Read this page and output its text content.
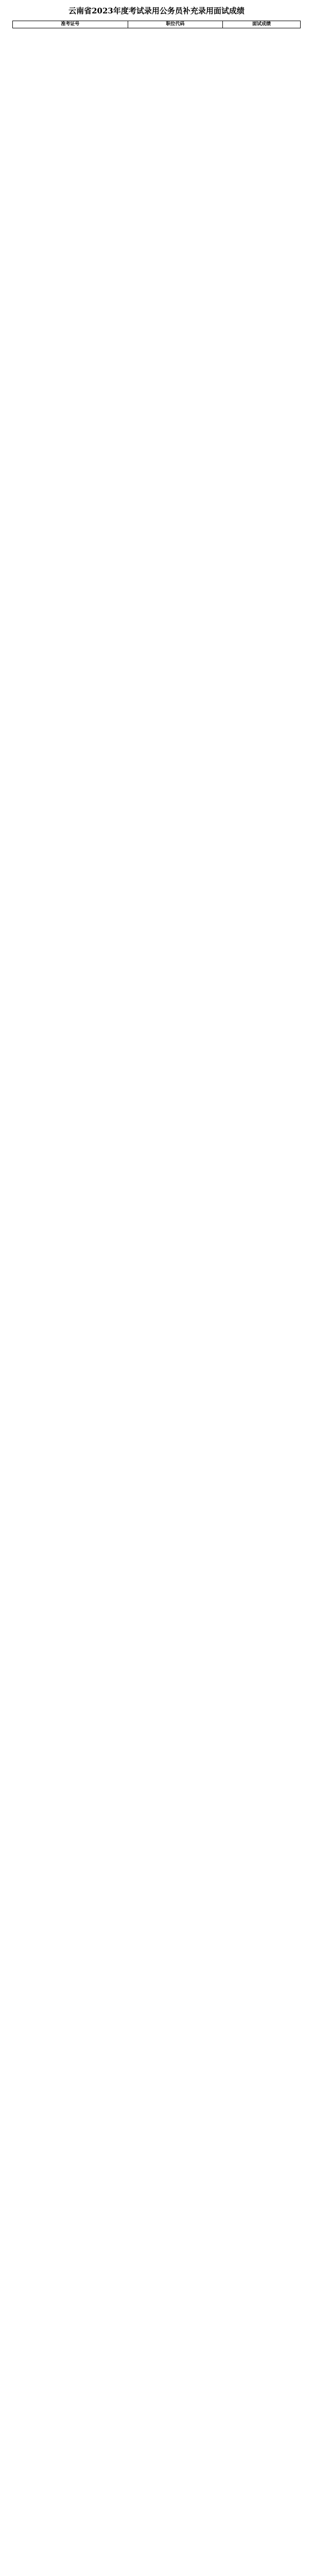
云南省2023年度考试录用公务员补充录用面试成绩
准考证号	职位代码	面试成绩
